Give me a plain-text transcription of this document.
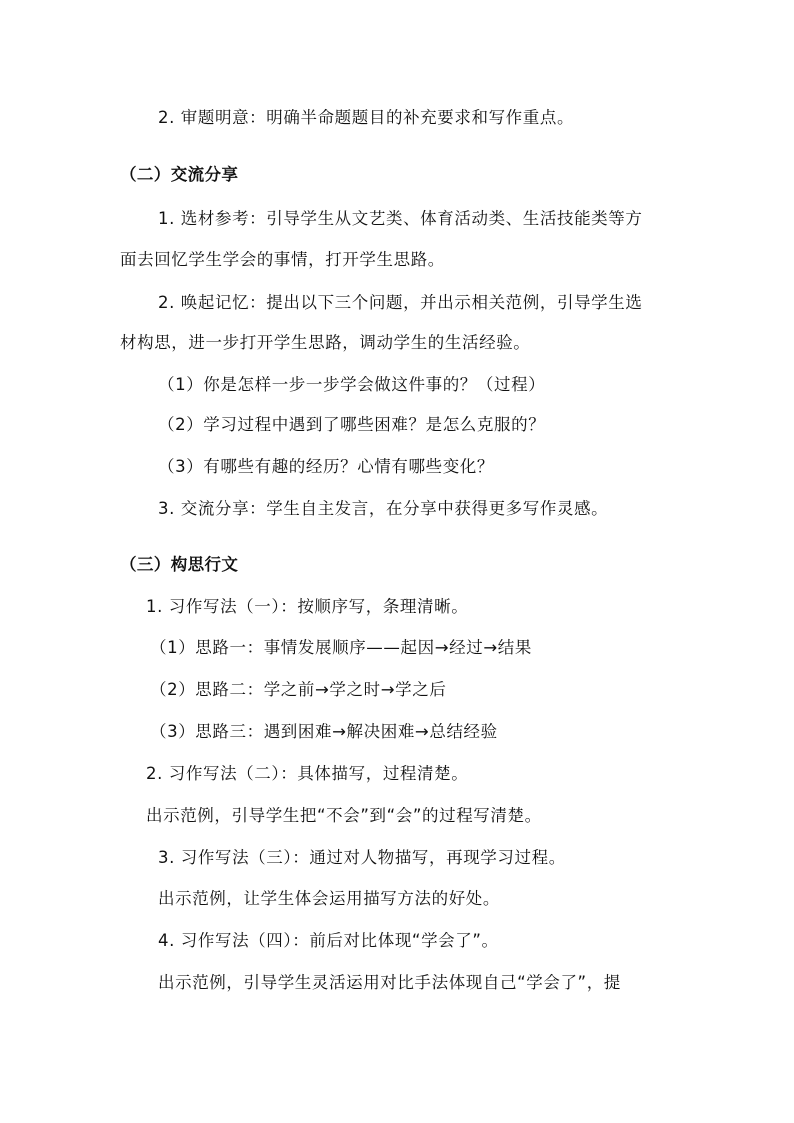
2. 审题明意：明确半命题题目的补充要求和写作重点。
（二）交流分享
1. 选材参考：引导学生从文艺类、体育活动类、生活技能类等方
面去回忆学生学会的事情，打开学生思路。
2. 唤起记忆：提出以下三个问题，并出示相关范例，引导学生选
材构思，进一步打开学生思路，调动学生的生活经验。
（1）你是怎样一步一步学会做这件事的？（过程）
（2）学习过程中遇到了哪些困难？是怎么克服的？
（3）有哪些有趣的经历？心情有哪些变化？
3. 交流分享：学生自主发言，在分享中获得更多写作灵感。
（三）构思行文
1. 习作写法（一）：按顺序写，条理清晰。
（1）思路一：事情发展顺序——起因→经过→结果
（2）思路二：学之前→学之时→学之后
（3）思路三：遇到困难→解决困难→总结经验
2. 习作写法（二）：具体描写，过程清楚。
出示范例，引导学生把“不会”到“会”的过程写清楚。
3. 习作写法（三）：通过对人物描写，再现学习过程。
出示范例，让学生体会运用描写方法的好处。
4. 习作写法（四）：前后对比体现“学会了”。
出示范例，引导学生灵活运用对比手法体现自己“学会了”，提
